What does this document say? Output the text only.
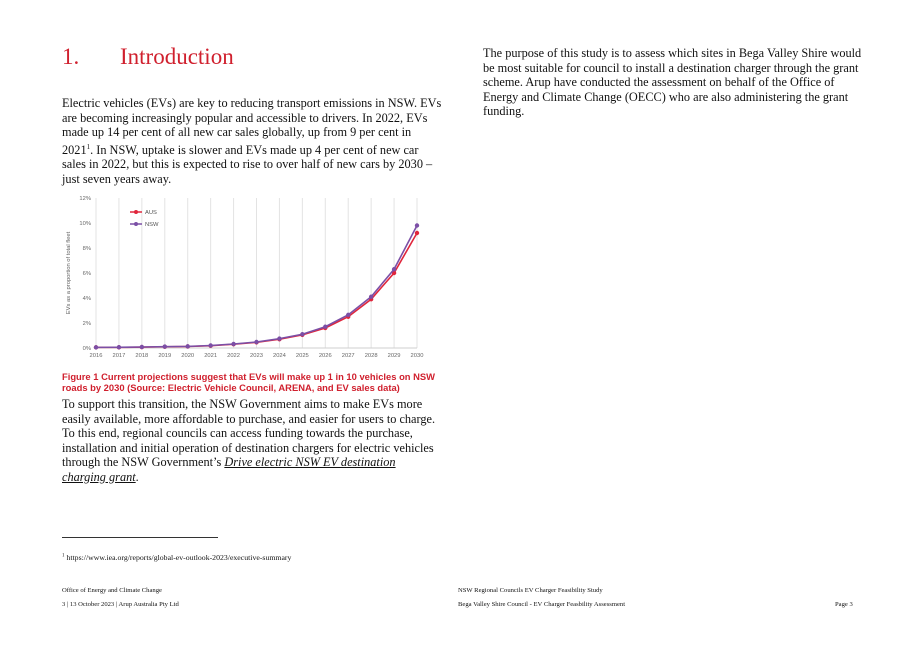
1.	Introduction
Electric vehicles (EVs) are key to reducing transport emissions in NSW. EVs are becoming increasingly popular and accessible to drivers. In 2022, EVs made up 14 per cent of all new car sales globally, up from 9 per cent in 2021$^1$. In NSW, uptake is slower and EVs made up 4 per cent of new car sales in 2022, but this is expected to rise to over half of new cars by 2030 – just seven years away.
2016 2017 2018 2019 2020 2021 2022 2023 2024 2025 2026 2027 2028 2029 2030
0%
2%
4%
6%
8%
10%
12%
EVs as a proportion of total fleet
AUS
NSW
Figure 1 Current projections suggest that EVs will make up 1 in 10 vehicles on NSW roads by 2030 (Source: Electric Vehicle Council, ARENA, and EV sales data)
To support this transition, the NSW Government aims to make EVs more easily available, more affordable to purchase, and easier for users to charge. To this end, regional councils can access funding towards the purchase, installation and initial operation of destination chargers for electric vehicles through the NSW Government’s Drive electric NSW EV destination charging grant.
The purpose of this study is to assess which sites in Bega Valley Shire would be most suitable for council to install a destination charger through the grant scheme. Arup have conducted the assessment on behalf of the Office of Energy and Climate Change (OECC) who are also administering the grant funding.
$^1$ https://www.iea.org/reports/global-ev-outlook-2023/executive-summary
Office of Energy and Climate Change
3 | 13 October 2023 | Arup Australia Pty Ltd
NSW Regional Councils EV Charger Feasibility Study
Bega Valley Shire Council - EV Charger Feasbility Assessment	Page 3
